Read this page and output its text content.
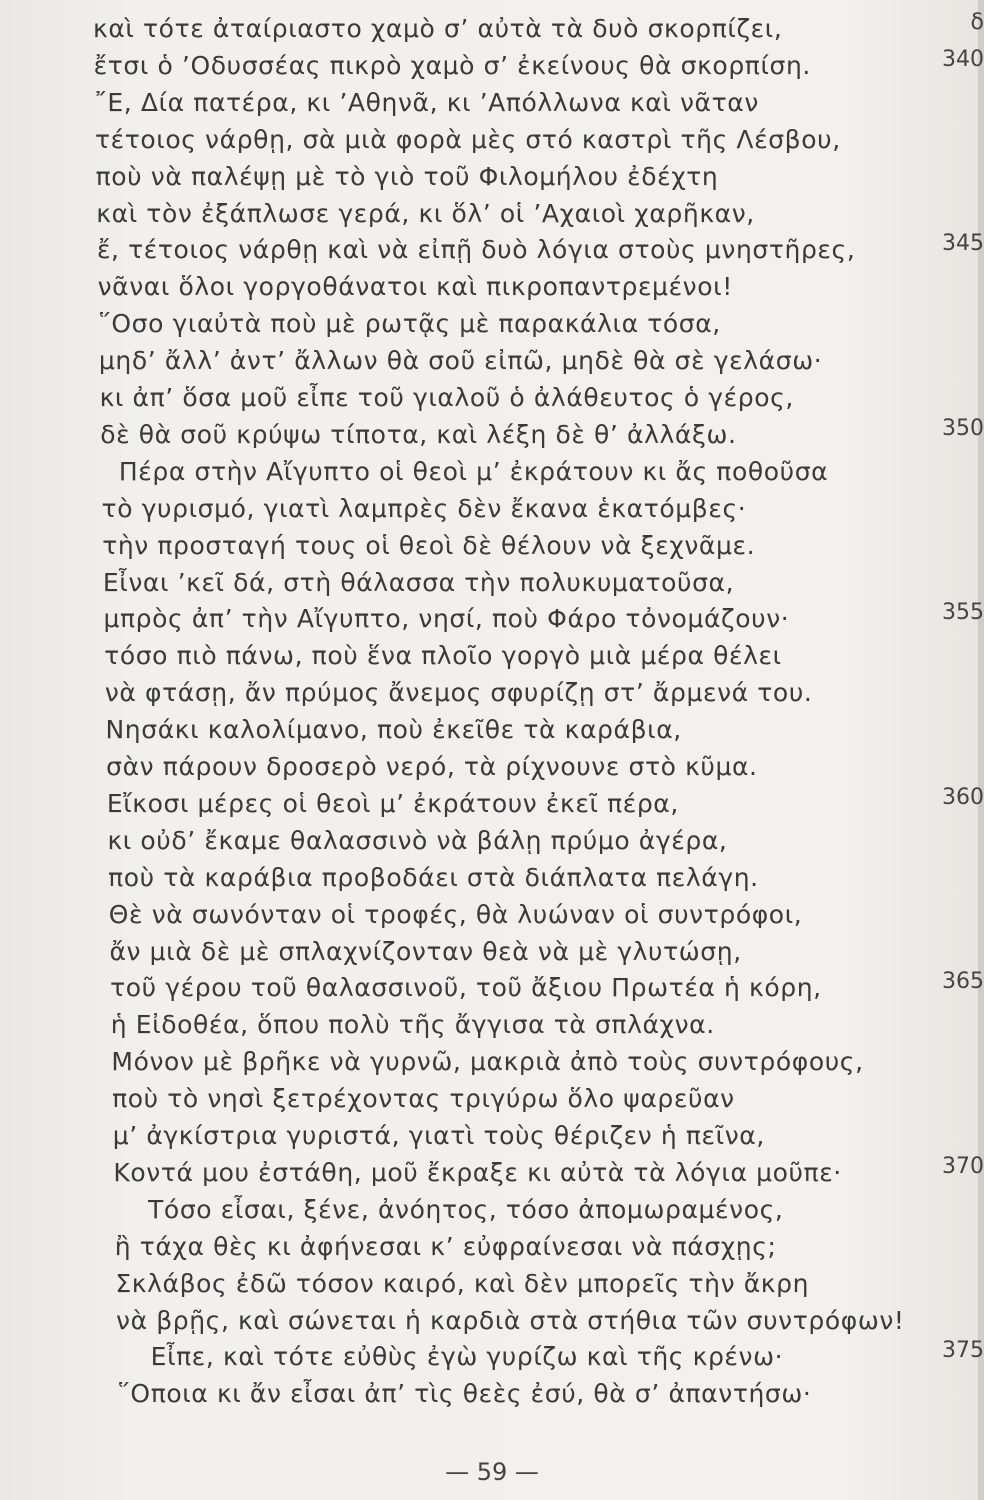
καὶ τότε ἀταίριαστο χαμὸ σ’ αὐτὰ τὰ δυὸ σκορπίζει,	δ
ἔτσι ὁ ’Οδυσσέας πικρὸ χαμὸ σ’ ἐκείνους θὰ σκορπίση.	340
῎Ε, Δία πατέρα, κι ’Αθηνᾶ, κι ’Απόλλωνα καὶ νᾶταν
τέτοιος νάρθῃ, σὰ μιὰ φορὰ μὲς στό καστρὶ τῆς Λέσβου,
ποὺ νὰ παλέψῃ μὲ τὸ γιὸ τοῦ Φιλομήλου ἐδέχτη
καὶ τὸν ἐξάπλωσε γερά, κι ὅλ’ οἱ ’Αχαιοὶ χαρῆκαν,
ἔ, τέτοιος νάρθῃ καὶ νὰ εἰπῇ δυὸ λόγια στοὺς μνηστῆρες,	345
νᾶναι ὅλοι γοργοθάνατοι καὶ πικροπαντρεμένοι!
῞Οσο γιαὐτὰ ποὺ μὲ ρωτᾷς μὲ παρακάλια τόσα,
μηδ’ ἄλλ’ ἀντ’ ἄλλων θὰ σοῦ εἰπῶ, μηδὲ θὰ σὲ γελάσω·
κι ἀπ’ ὅσα μοῦ εἶπε τοῦ γιαλοῦ ὁ ἀλάθευτος ὁ γέρος,
δὲ θὰ σοῦ κρύψω τίποτα, καὶ λέξη δὲ θ’ ἀλλάξω.	350
Πέρα στὴν Αἴγυπτο οἱ θεοὶ μ’ ἐκράτουν κι ἄς ποθοῦσα
τὸ γυρισμό, γιατὶ λαμπρὲς δὲν ἔκανα ἑκατόμβες·
τὴν προσταγή τους οἱ θεοὶ δὲ θέλουν νὰ ξεχνᾶμε.
Εἶναι ’κεῖ δά, στὴ θάλασσα τὴν πολυκυματοῦσα,
μπρὸς ἀπ’ τὴν Αἴγυπτο, νησί, ποὺ Φάρο τὀνομάζουν·	355
τόσο πιὸ πάνω, ποὺ ἕνα πλοῖο γοργὸ μιὰ μέρα θέλει
νὰ φτάσῃ, ἄν πρύμος ἄνεμος σφυρίζῃ στ’ ἄρμενά του.
Νησάκι καλολίμανο, ποὺ ἐκεῖθε τὰ καράβια,
σὰν πάρουν δροσερὸ νερό, τὰ ρίχνουνε στὸ κῦμα.
Εἴκοσι μέρες οἱ θεοὶ μ’ ἐκράτουν ἐκεῖ πέρα,	360
κι οὐδ’ ἔκαμε θαλασσινὸ νὰ βάλῃ πρύμο ἀγέρα,
ποὺ τὰ καράβια προβοδάει στὰ διάπλατα πελάγη.
Θὲ νὰ σωνόνταν οἱ τροφές, θὰ λυώναν οἱ συντρόφοι,
ἄν μιὰ δὲ μὲ σπλαχνίζονταν θεὰ νὰ μὲ γλυτώσῃ,
τοῦ γέρου τοῦ θαλασσινοῦ, τοῦ ἄξιου Πρωτέα ἡ κόρη,	365
ἡ Εἰδοθέα, ὅπου πολὺ τῆς ἄγγισα τὰ σπλάχνα.
Μόνον μὲ βρῆκε νὰ γυρνῶ, μακριὰ ἀπὸ τοὺς συντρόφους,
ποὺ τὸ νησὶ ξετρέχοντας τριγύρω ὅλο ψαρεῦαν
μ’ ἀγκίστρια γυριστά, γιατὶ τοὺς θέριζεν ἡ πεῖνα,
Κοντά μου ἐστάθη, μοῦ ἔκραξε κι αὐτὰ τὰ λόγια μοῦπε·	370
Τόσο εἶσαι, ξένε, ἀνόητος, τόσο ἀπομωραμένος,
ἢ τάχα θὲς κι ἀφήνεσαι κ’ εὐφραίνεσαι νὰ πάσχῃς;
Σκλάβος ἐδῶ τόσον καιρό, καὶ δὲν μπορεῖς τὴν ἄκρη
νὰ βρῇς, καὶ σώνεται ἡ καρδιὰ στὰ στήθια τῶν συντρόφων!
Εἶπε, καὶ τότε εὐθὺς ἐγὼ γυρίζω καὶ τῆς κρένω·	375
῞Οποια κι ἄν εἶσαι ἀπ’ τὶς θεὲς ἐσύ, θὰ σ’ ἀπαντήσω·
— 59 —
